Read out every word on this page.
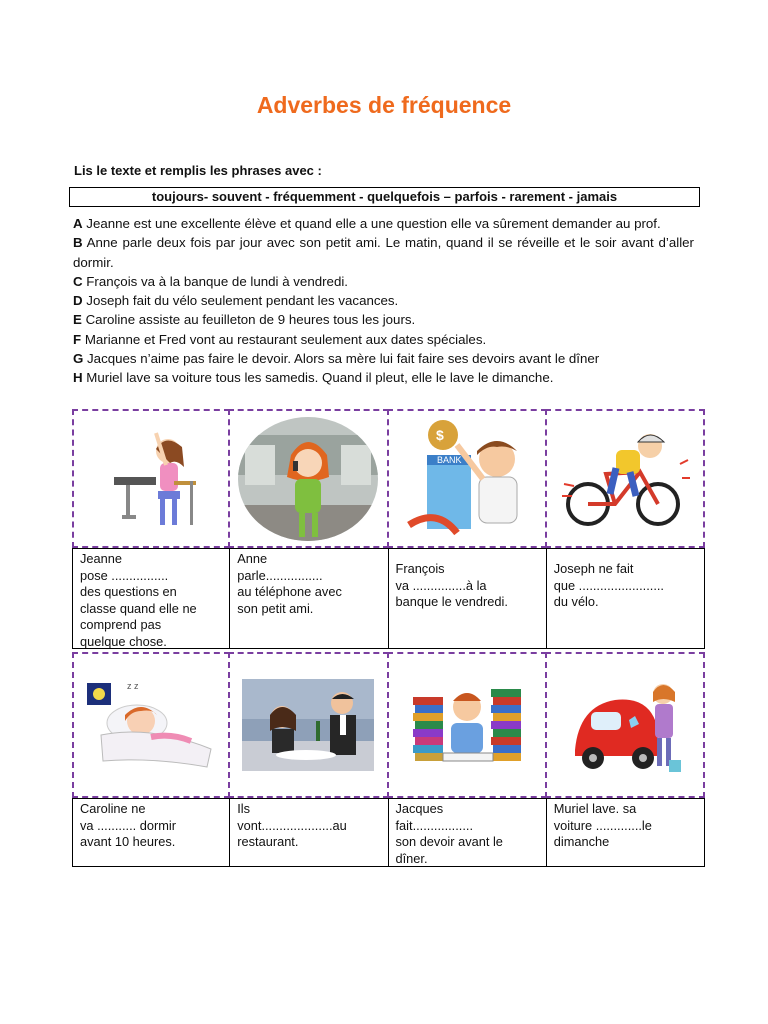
Adverbes de fréquence
Lis le texte et remplis les phrases avec :
toujours- souvent - fréquemment - quelquefois – parfois - rarement - jamais

A Jeanne est une excellente élève et quand elle a une question elle va sûrement demander au prof.

B Anne parle deux fois par jour avec son petit ami. Le matin, quand il se réveille et le soir avant d’aller dormir.

C François va à la banque de lundi à vendredi.

D Joseph fait du vélo seulement pendant les vacances.

E Caroline assiste au feuilleton de 9 heures tous les jours.

F Marianne et Fred vont au restaurant seulement aux dates spéciales.

G Jacques n’aime pas faire le devoir. Alors sa mère lui fait faire ses devoirs avant le dîner

H Muriel lave sa voiture tous les samedis. Quand il pleut, elle le lave le dimanche.

BANK
$
Jeanne
pose ................
des questions en
classe quand elle ne
comprend pas
quelque chose.
Anne
parle................
au téléphone avec
son petit ami.
François
va ...............à la
banque le vendredi.
Joseph ne fait
que ........................
du vélo.
z z
Caroline ne
va ........... dormir
avant 10 heures.
Ils
vont....................au
restaurant.
Jacques
fait.................
son devoir avant le
dîner.
Muriel lave. sa
voiture .............le
dimanche
